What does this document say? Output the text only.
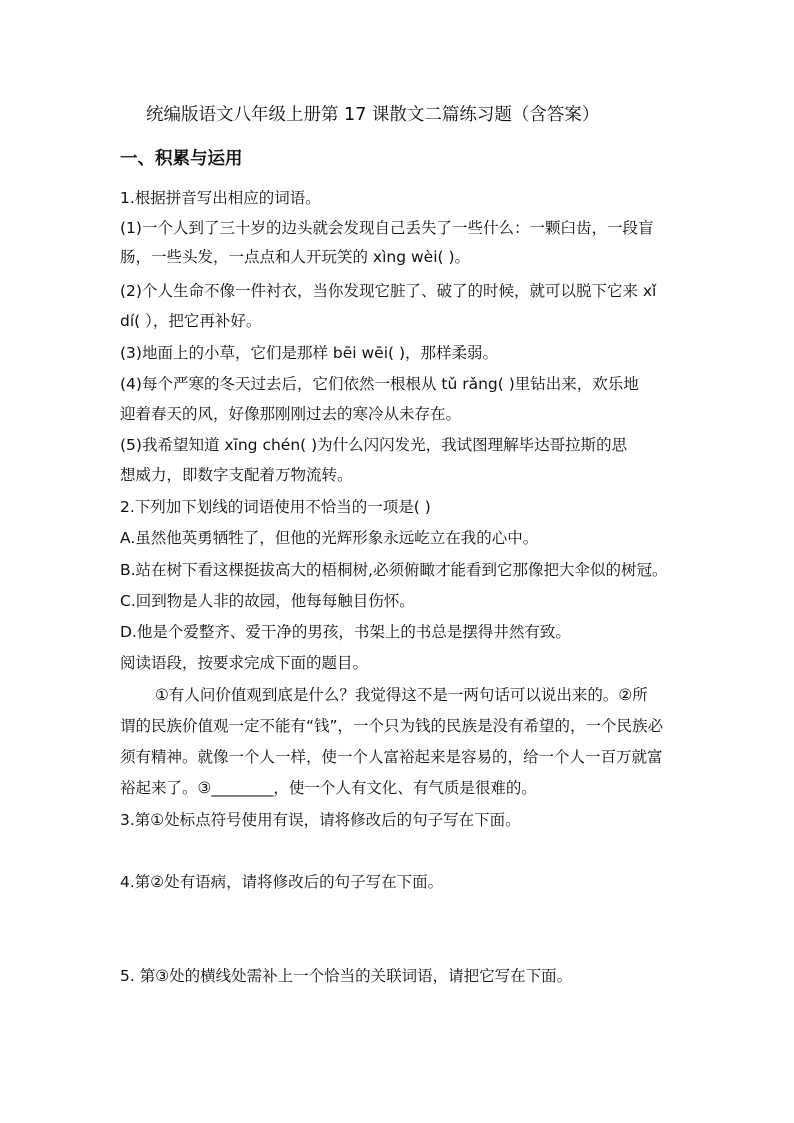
统编版语文八年级上册第 17 课散文二篇练习题（含答案）
一、积累与运用
1.根据拼音写出相应的词语。
(1)一个人到了三十岁的边头就会发现自己丢失了一些什么：一颗臼齿，一段盲
肠，一些头发，一点点和人开玩笑的 xìng wèi( )。
(2)个人生命不像一件衬衣，当你发现它脏了、破了的时候，就可以脱下它来 xǐ
dí( ），把它再补好。
(3)地面上的小草，它们是那样 bēi wēi( )，那样柔弱。
(4)每个严寒的冬天过去后，它们依然一根根从 tǔ rǎng( )里钻出来，欢乐地
迎着春天的风，好像那刚刚过去的寒冷从未存在。
(5)我希望知道 xīng chén( )为什么闪闪发光，我试图理解毕达哥拉斯的思
想威力，即数字支配着万物流转。
2.下列加下划线的词语使用不恰当的一项是( )
A.虽然他英勇牺牲了，但他的光辉形象永远屹立在我的心中。
B.站在树下看这棵挺拔高大的梧桐树,必须俯瞰才能看到它那像把大伞似的树冠。
C.回到物是人非的故园，他每每触目伤怀。
D.他是个爱整齐、爱干净的男孩，书架上的书总是摆得井然有致。
阅读语段，按要求完成下面的题目。
①有人问价值观到底是什么？我觉得这不是一两句话可以说出来的。②所
谓的民族价值观一定不能有“钱”，一个只为钱的民族是没有希望的，一个民族必
须有精神。就像一个人一样，使一个人富裕起来是容易的，给一个人一百万就富
裕起来了。③________，使一个人有文化、有气质是很难的。
3.第①处标点符号使用有误，请将修改后的句子写在下面。
4.第②处有语病，请将修改后的句子写在下面。
5. 第③处的横线处需补上一个恰当的关联词语，请把它写在下面。
